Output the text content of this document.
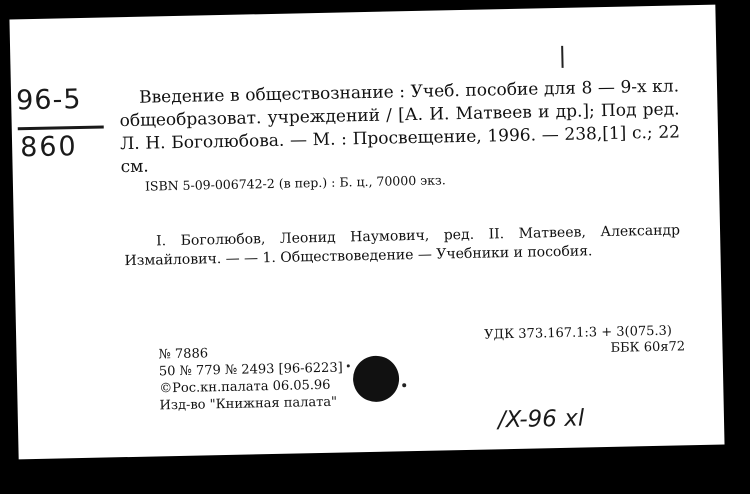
96-5
860
Введение в обществознание : Учеб. пособие для 8 — 9-х кл. общеобразоват. учреждений / [А. И. Матвеев и др.]; Под ред. Л. Н. Боголюбова. — М. : Просвещение, 1996. — 238,[1] с.; 22 см.
ISBN 5-09-006742-2 (в пер.) : Б. ц., 70000 экз.
I. Боголюбов, Леонид Наумович, ред. II. Матвеев, Александр Измайлович. — — 1. Обществоведение — Учебники и пособия.
№ 7886
50 № 779 № 2493 [96-6223]
©Рос.кн.палата 06.05.96
Изд-во "Книжная палата"
УДК 373.167.1:3 + 3(075.3)
ББК 60я72
/X-96 xl
